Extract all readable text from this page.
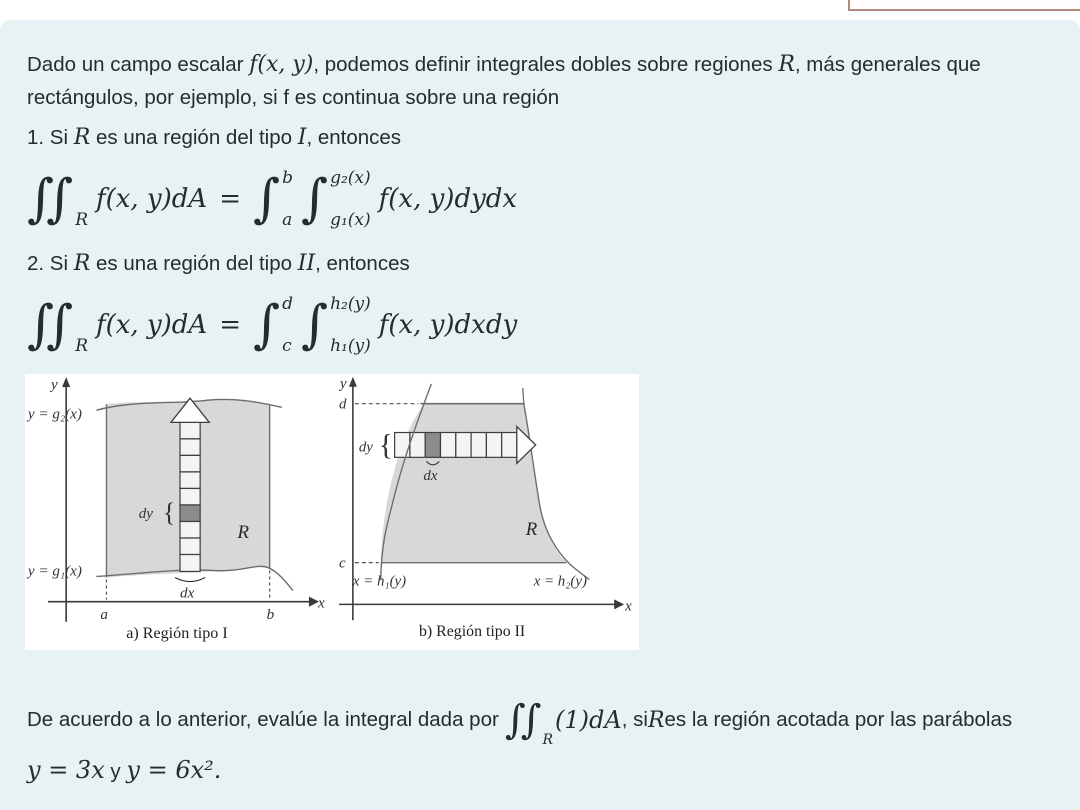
Dado un campo escalar f(x, y), podemos definir integrales dobles sobre regiones R, más generales que rectángulos, por ejemplo, si f es continua sobre una región

1. Si R es una región del tipo I, entonces
∫
∫ R
f(x, y)dA = ∫ b
a ∫ g₂(x)
g₁(x)
f(x, y)dydx
2. Si R es una región del tipo II, entonces
∫
∫ R
f(x, y)dA = ∫ d
c ∫ h₂(y)
h₁(y)
f(x, y)dxdy
y
x
y = g₂(x)
y = g₁(x)
dy {
dx
R
a	b
a) Región tipo I
y
x
d
c
dy {
dx
R
x = h₁(y)	x = h₂(y)
b) Región tipo II
De acuerdo a lo anterior, evalúe la integral dada por ∫
∫ R
(1)dA , si R es la región acotada por las parábolas
y = 3x y y = 6x².
